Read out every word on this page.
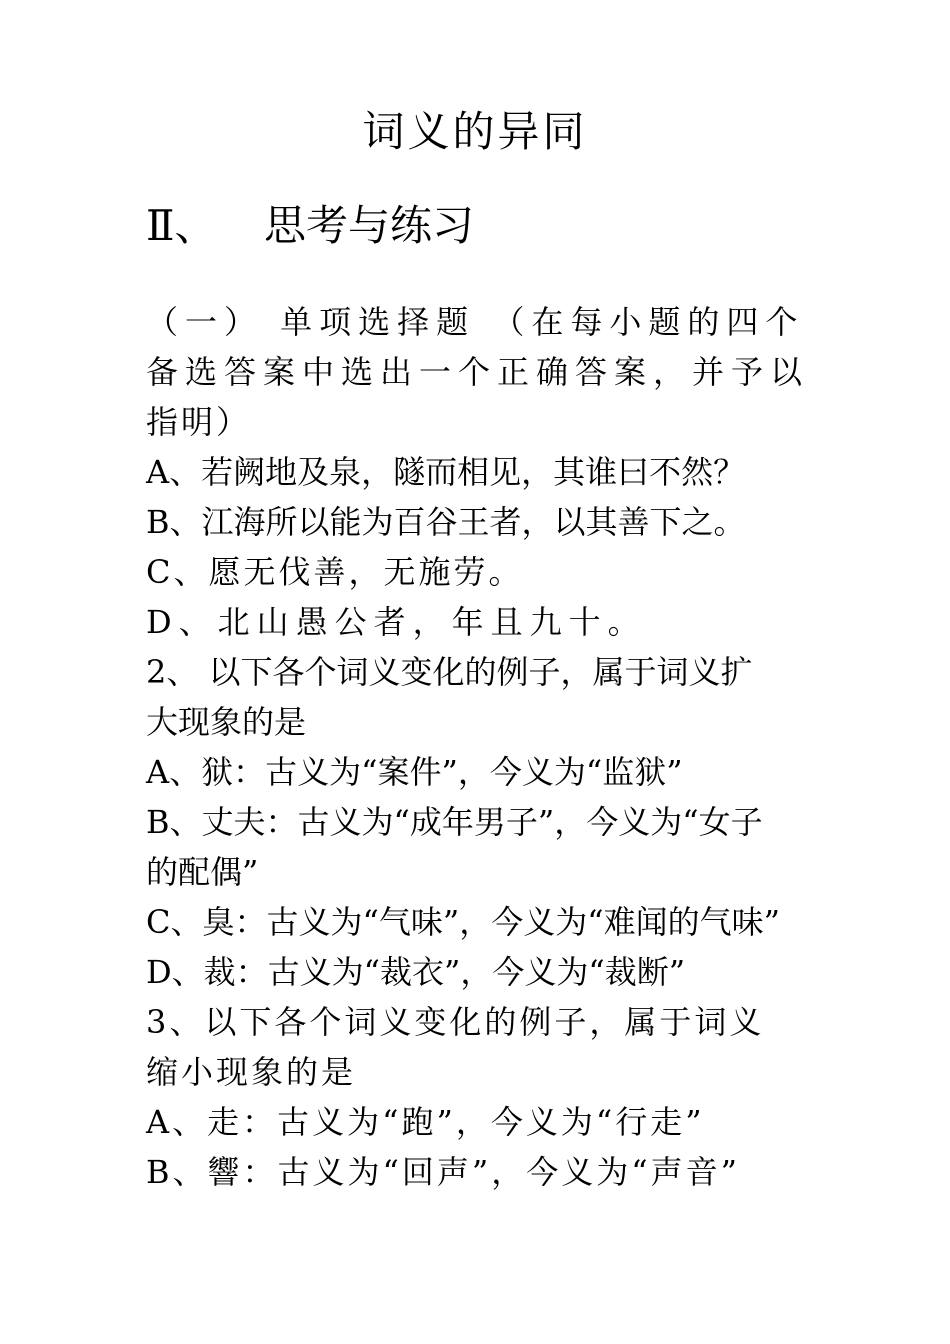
词义的异同
Ⅱ、 思考与练习
（一） 单项选择题 （在每小题的四个
备选答案中选出一个正确答案，并予以
指明）
A、若阙地及泉，隧而相见，其谁曰不然？
B、江海所以能为百谷王者，以其善下之。
C、愿无伐善，无施劳。
D、北山愚公者，年且九十。
2、 以下各个词义变化的例子，属于词义扩
大现象的是
A、狱：古义为“案件”，今义为“监狱”
B、丈夫：古义为“成年男子”，今义为“女子
的配偶”
C、臭：古义为“气味”，今义为“难闻的气味”
D、裁：古义为“裁衣”，今义为“裁断”
3、以下各个词义变化的例子，属于词义
缩小现象的是
A、走：古义为“跑”，今义为“行走”
B、響：古义为“回声”，今义为“声音”
